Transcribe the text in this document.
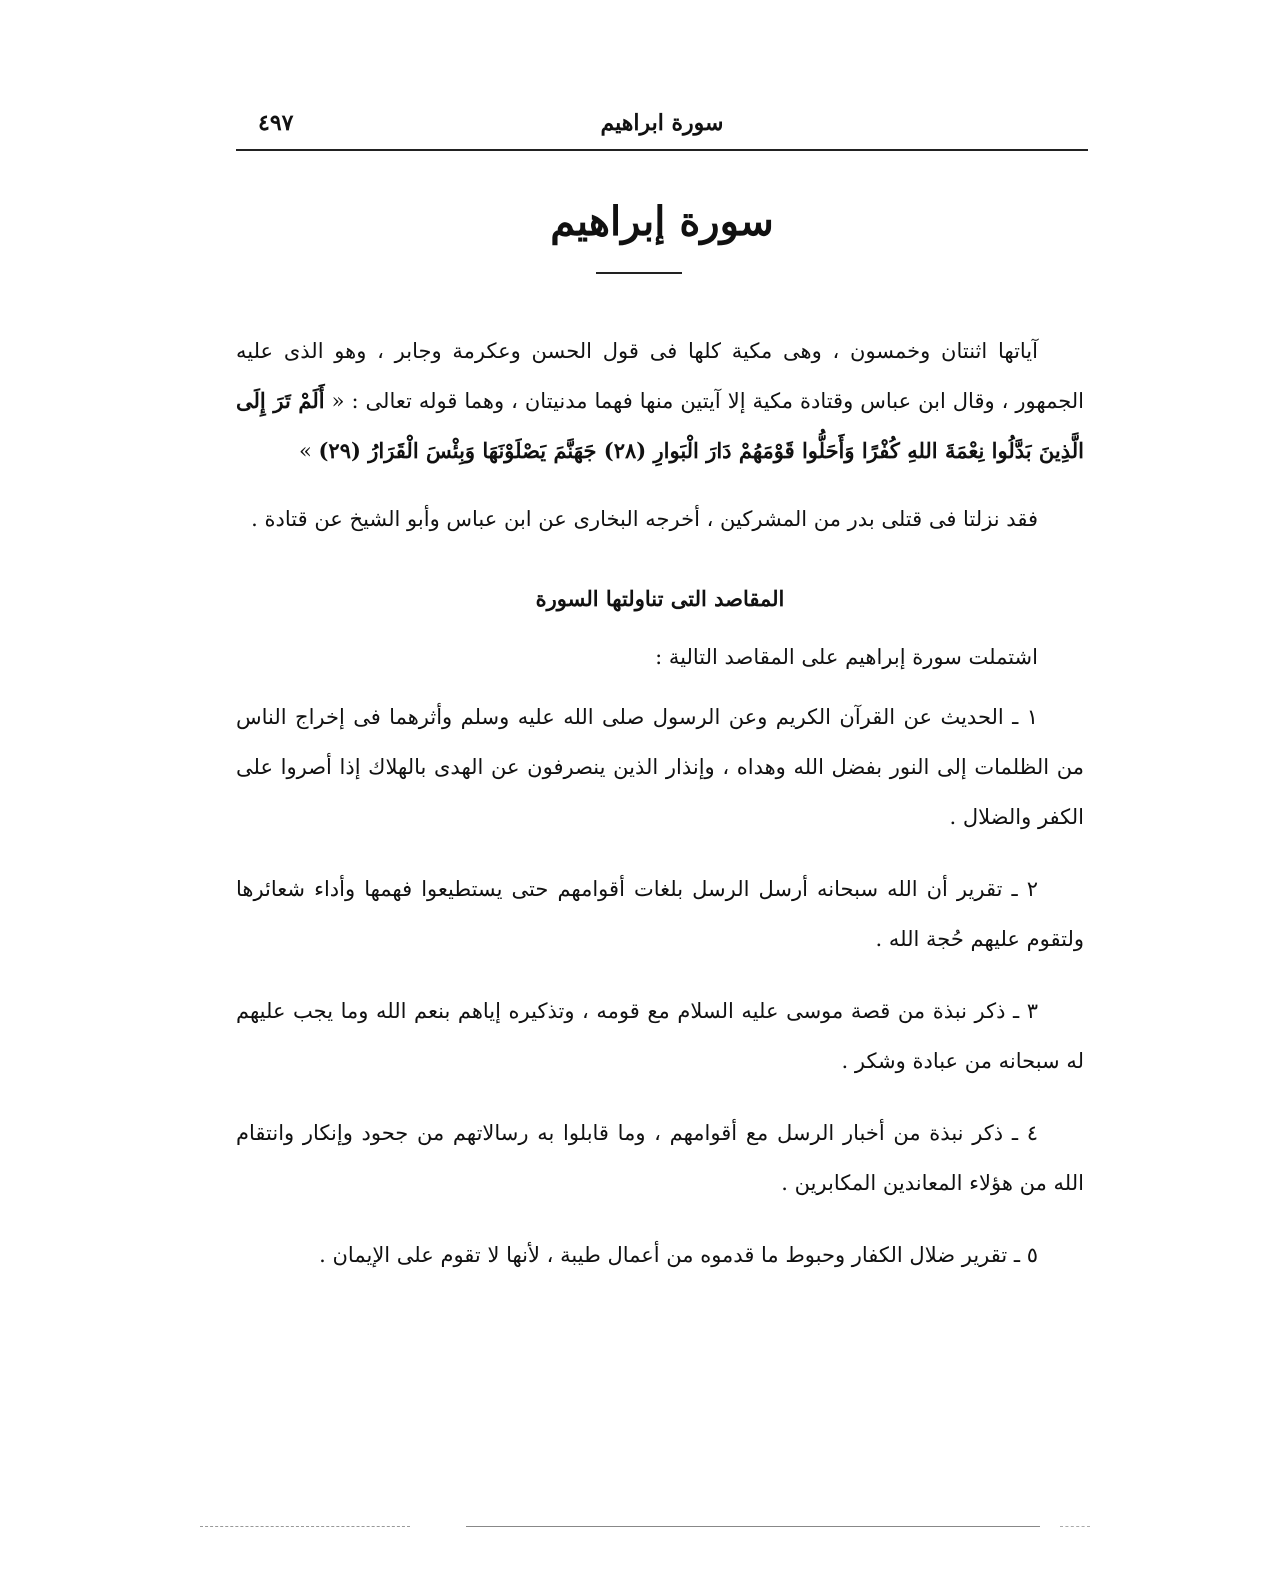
سورة ابراهيم
٤٩٧
سورة إبراهيم

آياتها اثنتان وخمسون ، وهى مكية كلها فى قول الحسن وعكرمة وجابر ، وهو الذى عليه الجمهور ، وقال ابن عباس وقتادة مكية إلا آيتين منها فهما مدنيتان ، وهما قوله تعالى : « أَلَمْ تَرَ إِلَى الَّذِينَ بَدَّلُوا نِعْمَةَ اللهِ كُفْرًا وَأَحَلُّوا قَوْمَهُمْ دَارَ الْبَوارِ (٢٨) جَهَنَّمَ يَصْلَوْنَهَا وَبِئْسَ الْقَرَارُ (٢٩) »

فقد نزلتا فى قتلى بدر من المشركين ، أخرجه البخارى عن ابن عباس وأبو الشيخ عن قتادة .

المقاصد التى تناولتها السورة

اشتملت سورة إبراهيم على المقاصد التالية :

١ ـ الحديث عن القرآن الكريم وعن الرسول صلى الله عليه وسلم وأثرهما فى إخراج الناس من الظلمات إلى النور بفضل الله وهداه ، وإنذار الذين ينصرفون عن الهدى بالهلاك إذا أصروا على الكفر والضلال .

٢ ـ تقرير أن الله سبحانه أرسل الرسل بلغات أقوامهم حتى يستطيعوا فهمها وأداء شعائرها ولتقوم عليهم حُجة الله .

٣ ـ ذكر نبذة من قصة موسى عليه السلام مع قومه ، وتذكيره إياهم بنعم الله وما يجب عليهم له سبحانه من عبادة وشكر .

٤ ـ ذكر نبذة من أخبار الرسل مع أقوامهم ، وما قابلوا به رسالاتهم من جحود وإنكار وانتقام الله من هؤلاء المعاندين المكابرين .

٥ ـ تقرير ضلال الكفار وحبوط ما قدموه من أعمال طيبة ، لأنها لا تقوم على الإيمان .
